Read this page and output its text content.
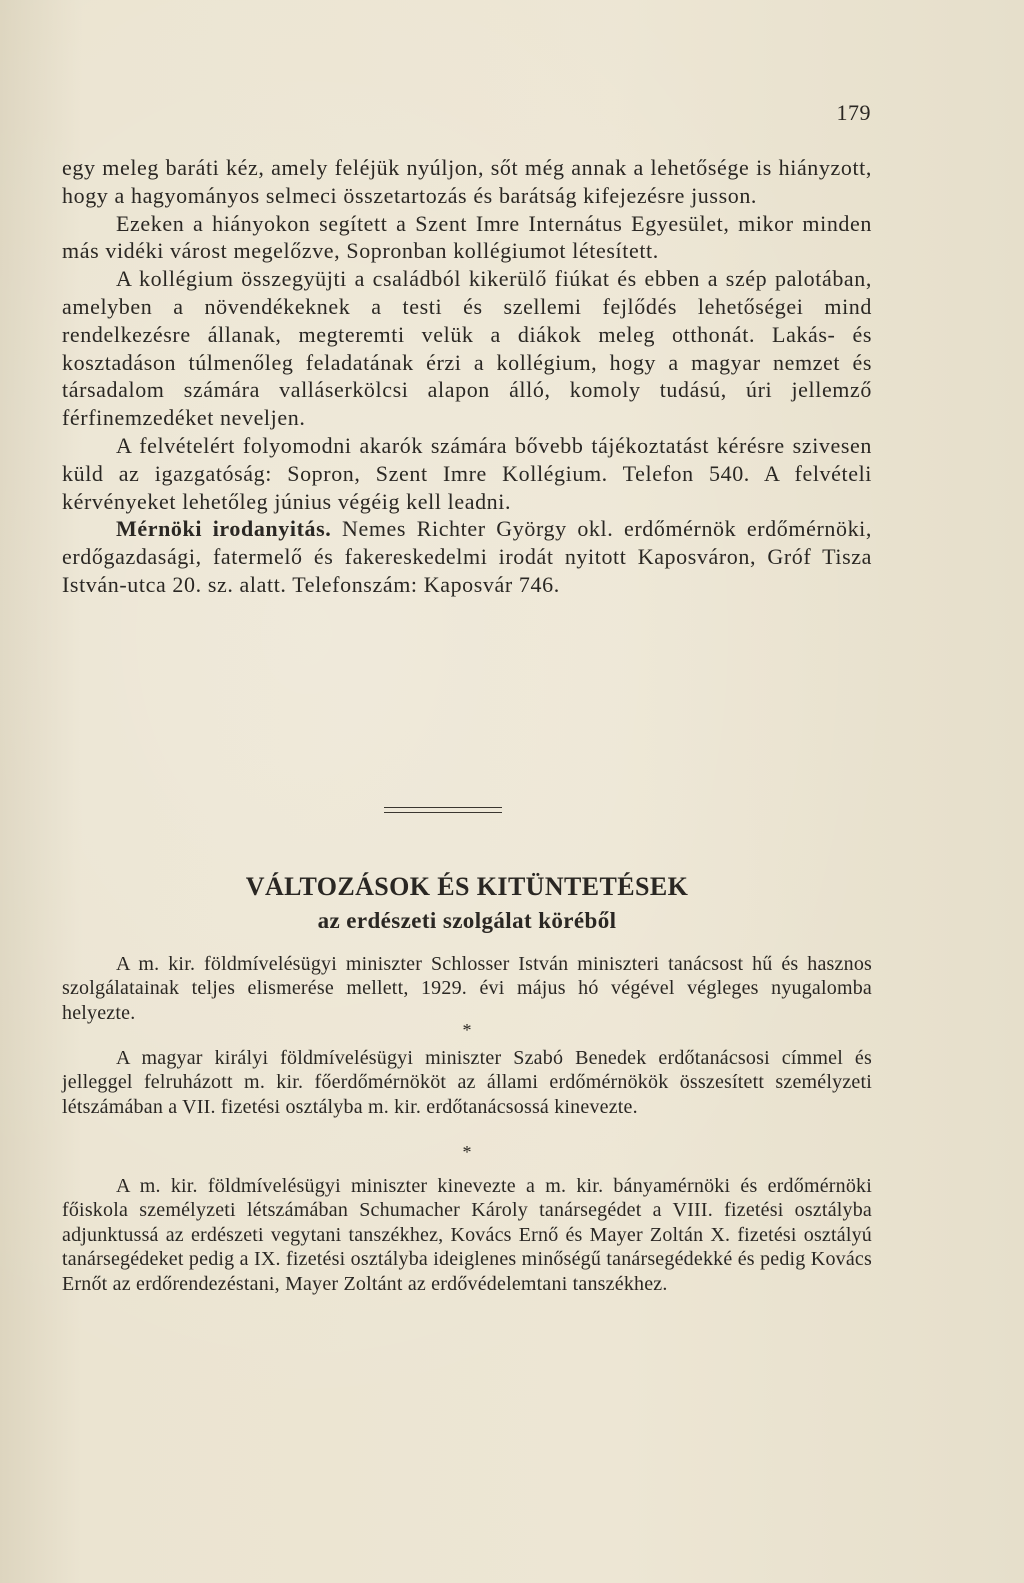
179

egy meleg baráti kéz, amely feléjük nyúljon, sőt még annak a lehetősége is hiányzott, hogy a hagyományos selmeci összetartozás és barátság kifejezésre jusson.

Ezeken a hiányokon segített a Szent Imre Internátus Egyesület, mikor minden más vidéki várost megelőzve, Sopronban kollégiumot létesített.

A kollégium összegyüjti a családból kikerülő fiúkat és ebben a szép palotában, amelyben a növendékeknek a testi és szellemi fejlődés lehetőségei mind rendelkezésre állanak, megteremti velük a diákok meleg otthonát. Lakás- és kosztadáson túlmenőleg feladatának érzi a kollégium, hogy a magyar nemzet és társadalom számára valláserkölcsi alapon álló, komoly tudású, úri jellemző férfinemzedéket neveljen.

A felvételért folyomodni akarók számára bővebb tájékoztatást kérésre szivesen küld az igazgatóság: Sopron, Szent Imre Kollégium. Telefon 540. A felvételi kérvényeket lehetőleg június végéig kell leadni.

Mérnöki irodanyitás. Nemes Richter György okl. erdőmérnök erdőmérnöki, erdőgazdasági, fatermelő és fakereskedelmi irodát nyitott Kaposváron, Gróf Tisza István-utca 20. sz. alatt. Telefonszám: Kaposvár 746.

VÁLTOZÁSOK ÉS KITÜNTETÉSEK
az erdészeti szolgálat köréből

A m. kir. földmívelésügyi miniszter Schlosser István miniszteri tanácsost hű és hasznos szolgálatainak teljes elismerése mellett, 1929. évi május hó végével végleges nyugalomba helyezte.

*

A magyar királyi földmívelésügyi miniszter Szabó Benedek erdőtanácsosi címmel és jelleggel felruházott m. kir. főerdőmérnököt az állami erdőmérnökök összesített személyzeti létszámában a VII. fizetési osztályba m. kir. erdőtanácsossá kinevezte.

*

A m. kir. földmívelésügyi miniszter kinevezte a m. kir. bányamérnöki és erdőmérnöki főiskola személyzeti létszámában Schumacher Károly tanársegédet a VIII. fizetési osztályba adjunktussá az erdészeti vegytani tanszékhez, Kovács Ernő és Mayer Zoltán X. fizetési osztályú tanársegédeket pedig a IX. fizetési osztályba ideiglenes minőségű tanársegédekké és pedig Kovács Ernőt az erdőrendezéstani, Mayer Zoltánt az erdővédelemtani tanszékhez.
